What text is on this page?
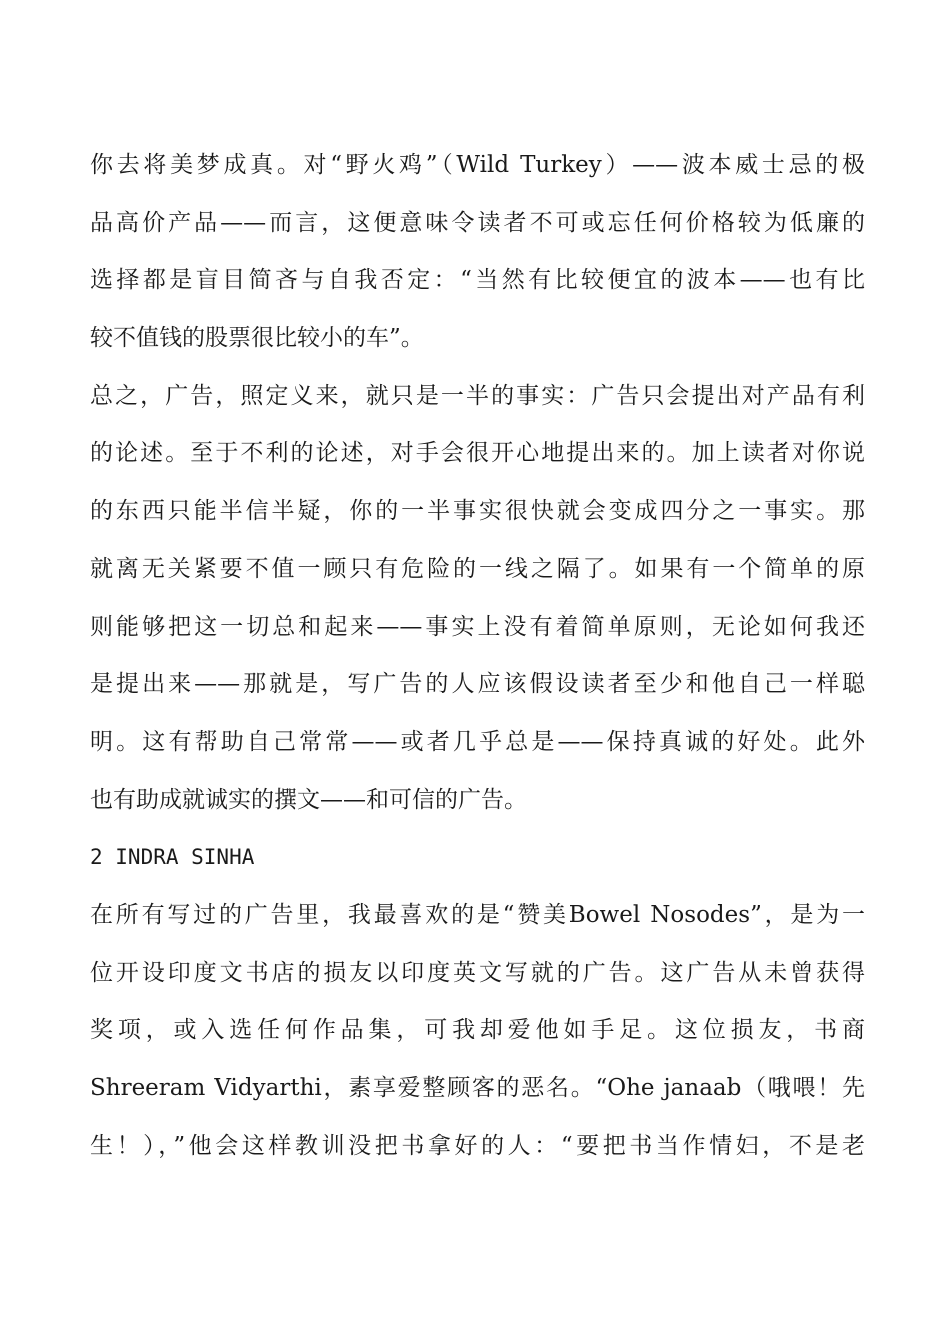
你去将美梦成真。对“野火鸡”（Wild Turkey）——波本威士忌的极
品高价产品——而言，这便意味令读者不可或忘任何价格较为低廉的
选择都是盲目简吝与自我否定：“当然有比较便宜的波本——也有比
较不值钱的股票很比较小的车”。
总之，广告，照定义来，就只是一半的事实：广告只会提出对产品有利
的论述。至于不利的论述，对手会很开心地提出来的。加上读者对你说
的东西只能半信半疑，你的一半事实很快就会变成四分之一事实。那
就离无关紧要不值一顾只有危险的一线之隔了。如果有一个简单的原
则能够把这一切总和起来——事实上没有着简单原则，无论如何我还
是提出来——那就是，写广告的人应该假设读者至少和他自己一样聪
明。这有帮助自己常常——或者几乎总是——保持真诚的好处。此外
也有助成就诚实的撰文——和可信的广告。
2 INDRA SINHA
在所有写过的广告里，我最喜欢的是“赞美Bowel Nosodes”，是为一
位开设印度文书店的损友以印度英文写就的广告。这广告从未曾获得
奖项，或入选任何作品集，可我却爱他如手足。这位损友，书商
Shreeram Vidyarthi，素享爱整顾客的恶名。“Ohe janaab（哦喂！先
生！），”他会这样教训没把书拿好的人：“要把书当作情妇，不是老
